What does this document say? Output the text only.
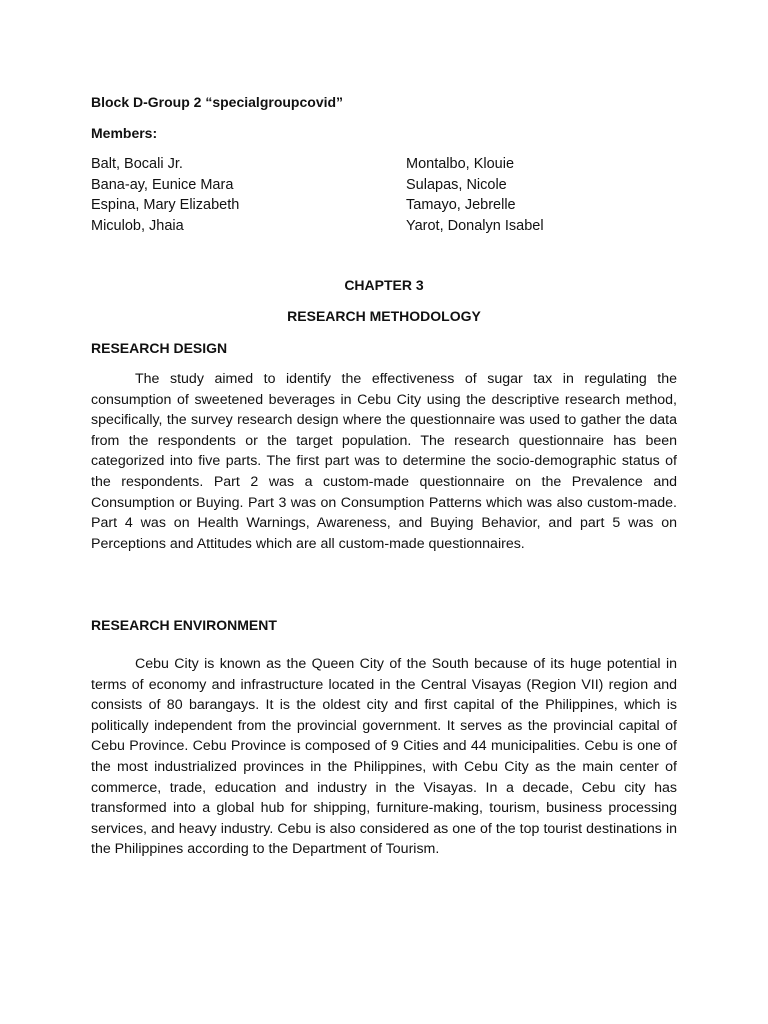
Block D-Group 2 “specialgroupcovid”
Members:
Balt, Bocali Jr.
Bana-ay, Eunice Mara
Espina, Mary Elizabeth
Miculob, Jhaia
Montalbo, Klouie
Sulapas, Nicole
Tamayo, Jebrelle
Yarot, Donalyn Isabel
CHAPTER 3
RESEARCH METHODOLOGY
RESEARCH DESIGN
The study aimed to identify the effectiveness of sugar tax in regulating the consumption of sweetened beverages in Cebu City using the descriptive research method, specifically, the survey research design where the questionnaire was used to gather the data from the respondents or the target population. The research questionnaire has been categorized into five parts. The first part was to determine the socio-demographic status of the respondents. Part 2 was a custom-made questionnaire on the Prevalence and Consumption or Buying. Part 3 was on Consumption Patterns which was also custom-made. Part 4 was on Health Warnings, Awareness, and Buying Behavior, and part 5 was on Perceptions and Attitudes which are all custom-made questionnaires.
RESEARCH ENVIRONMENT
Cebu City is known as the Queen City of the South because of its huge potential in terms of economy and infrastructure located in the Central Visayas (Region VII) region and consists of 80 barangays. It is the oldest city and first capital of the Philippines, which is politically independent from the provincial government. It serves as the provincial capital of Cebu Province. Cebu Province is composed of 9 Cities and 44 municipalities. Cebu is one of the most industrialized provinces in the Philippines, with Cebu City as the main center of commerce, trade, education and industry in the Visayas. In a decade, Cebu city has transformed into a global hub for shipping, furniture-making, tourism, business processing services, and heavy industry. Cebu is also considered as one of the top tourist destinations in the Philippines according to the Department of Tourism.
